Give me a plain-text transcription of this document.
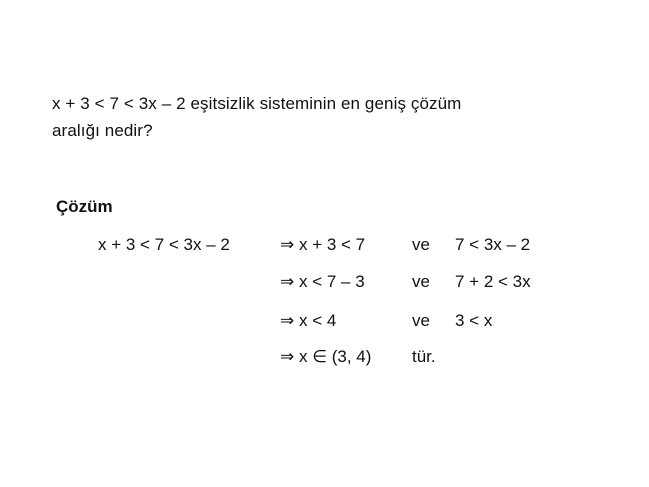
x + 3 < 7 < 3x – 2 eşitsizlik sisteminin en geniş çözüm
aralığı nedir?
Çözüm
x + 3 < 7 < 3x – 2	⇒ x + 3 < 7	ve 7 < 3x – 2
⇒ x < 7 – 3	ve 7 + 2 < 3x
⇒ x < 4	ve 3 < x
⇒ x ∈ (3, 4) tür.
